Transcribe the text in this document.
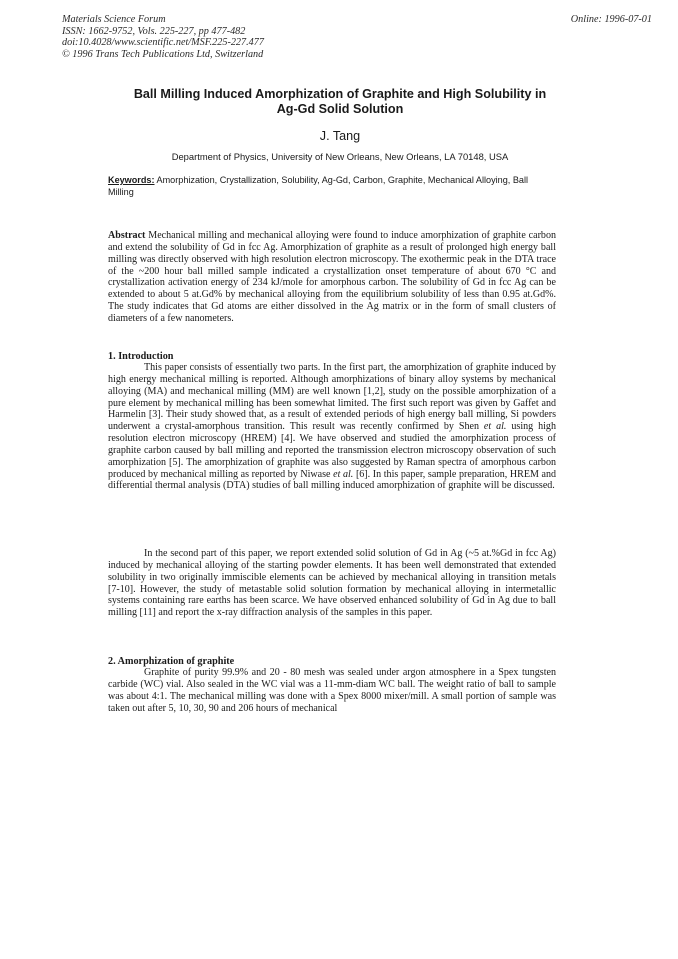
Materials Science Forum
ISSN: 1662-9752, Vols. 225-227, pp 477-482
doi:10.4028/www.scientific.net/MSF.225-227.477
© 1996 Trans Tech Publications Ltd, Switzerland
Online: 1996-07-01
Ball Milling Induced Amorphization of Graphite and High Solubility in
Ag-Gd Solid Solution
J. Tang
Department of Physics, University of New Orleans, New Orleans, LA 70148, USA
Keywords: Amorphization, Crystallization, Solubility, Ag-Gd, Carbon, Graphite, Mechanical Alloying, Ball Milling
Abstract Mechanical milling and mechanical alloying were found to induce amorphization of graphite carbon and extend the solubility of Gd in fcc Ag. Amorphization of graphite as a result of prolonged high energy ball milling was directly observed with high resolution electron microscopy. The exothermic peak in the DTA trace of the ~200 hour ball milled sample indicated a crystallization onset temperature of about 670 °C and crystallization activation energy of 234 kJ/mole for amorphous carbon. The solubility of Gd in fcc Ag can be extended to about 5 at.Gd% by mechanical alloying from the equilibrium solubility of less than 0.95 at.Gd%. The study indicates that Gd atoms are either dissolved in the Ag matrix or in the form of small clusters of diameters of a few nanometers.
1. Introduction

This paper consists of essentially two parts. In the first part, the amorphization of graphite induced by high energy mechanical milling is reported. Although amorphizations of binary alloy systems by mechanical alloying (MA) and mechanical milling (MM) are well known [1,2], study on the possible amorphization of a pure element by mechanical milling has been somewhat limited. The first such report was given by Gaffet and Harmelin [3]. Their study showed that, as a result of extended periods of high energy ball milling, Si powders underwent a crystal-amorphous transition. This result was recently confirmed by Shen et al. using high resolution electron microscopy (HREM) [4]. We have observed and studied the amorphization process of graphite carbon caused by ball milling and reported the transmission electron microscopy observation of such amorphization [5]. The amorphization of graphite was also suggested by Raman spectra of amorphous carbon produced by mechanical milling as reported by Niwase et al. [6]. In this paper, sample preparation, HREM and differential thermal analysis (DTA) studies of ball milling induced amorphization of graphite will be discussed.

In the second part of this paper, we report extended solid solution of Gd in Ag (~5 at.%Gd in fcc Ag) induced by mechanical alloying of the starting powder elements. It has been well demonstrated that extended solubility in two originally immiscible elements can be achieved by mechanical alloying in transition metals [7-10]. However, the study of metastable solid solution formation by mechanical alloying in intermetallic systems containing rare earths has been scarce. We have observed enhanced solubility of Gd in Ag due to ball milling [11] and report the x-ray diffraction analysis of the samples in this paper.

2. Amorphization of graphite

Graphite of purity 99.9% and 20 - 80 mesh was sealed under argon atmosphere in a Spex tungsten carbide (WC) vial. Also sealed in the WC vial was a 11-mm-diam WC ball. The weight ratio of ball to sample was about 4:1. The mechanical milling was done with a Spex 8000 mixer/mill. A small portion of sample was taken out after 5, 10, 30, 90 and 206 hours of mechanical
